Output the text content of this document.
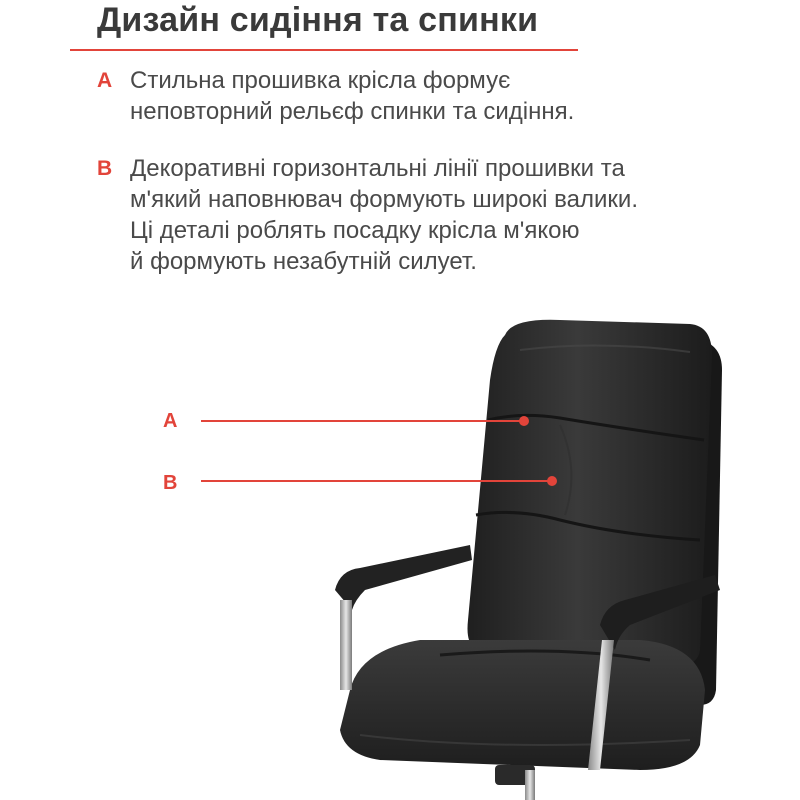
Дизайн сидіння та спинки
A Стильна прошивка крісла формує
неповторний рельєф спинки та сидіння.
B Декоративні горизонтальні лінії прошивки та
м'який наповнювач формують широкі валики.
Ці деталі роблять посадку крісла м'якою
й формують незабутній силует.
A
B
